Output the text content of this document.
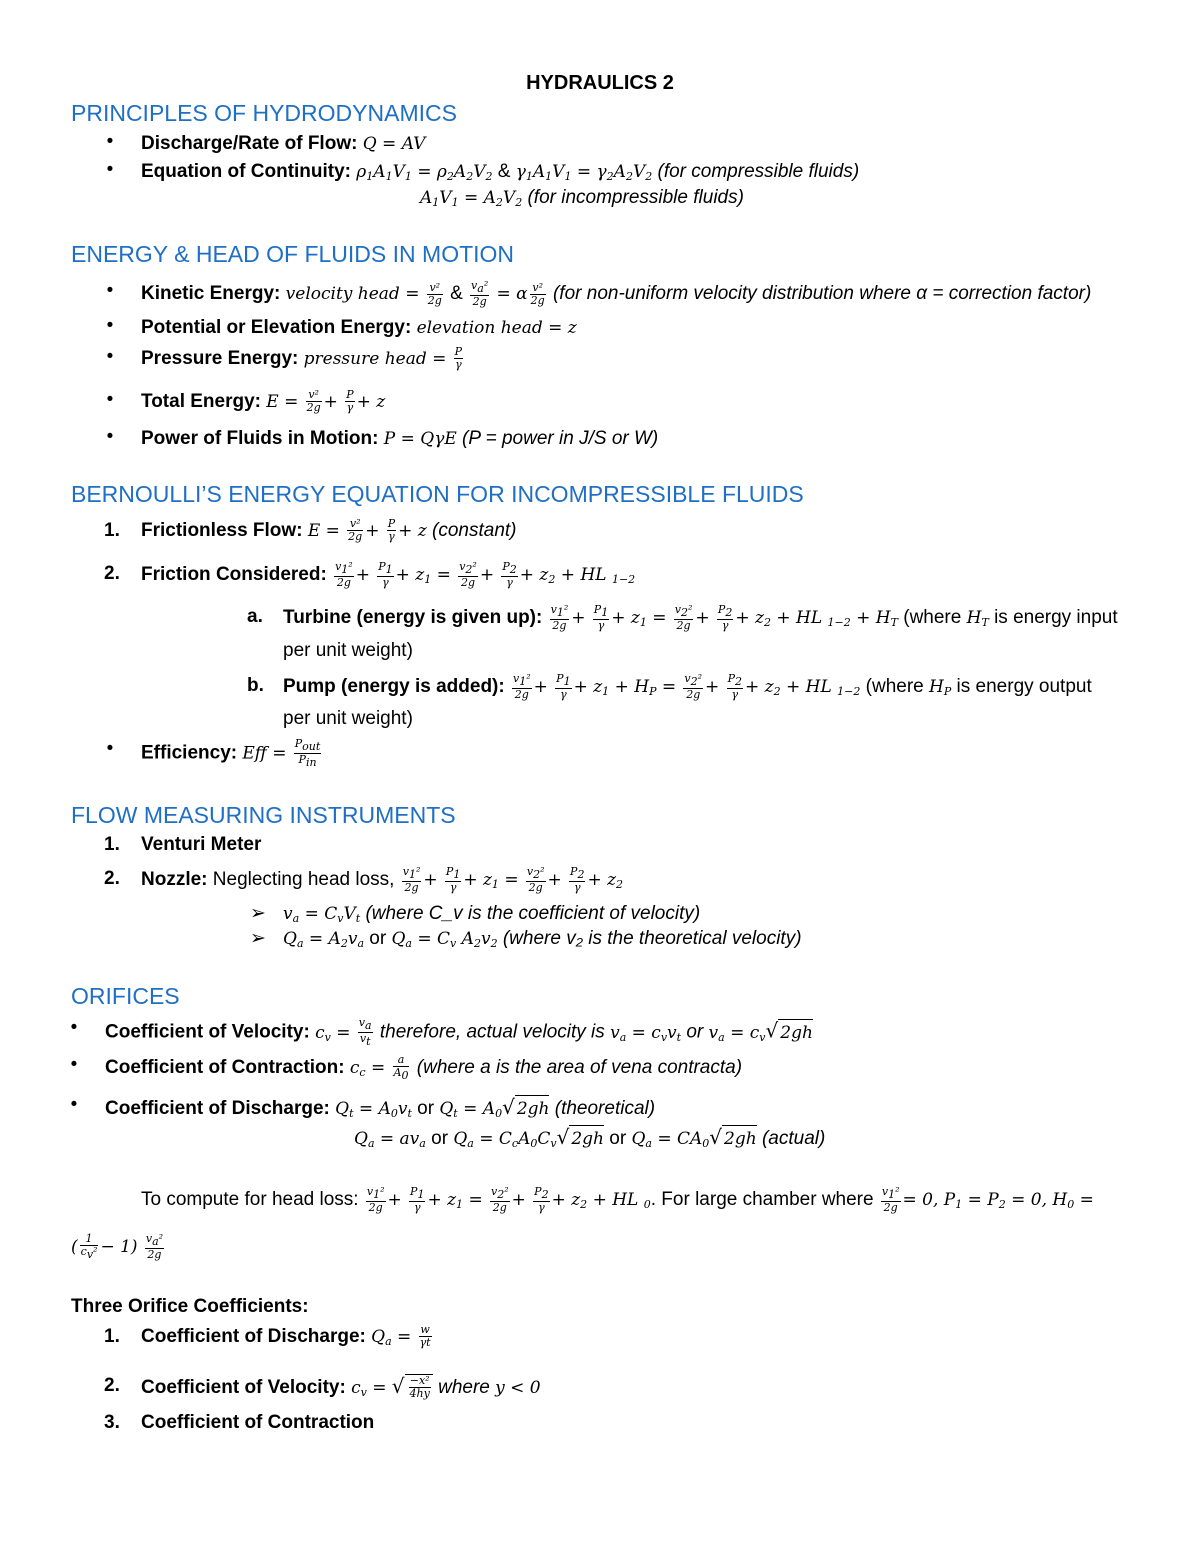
HYDRAULICS 2
PRINCIPLES OF HYDRODYNAMICS
•	Discharge/Rate of Flow: Q = AV
•	Equation of Continuity: $\rho_1A_1V_1 = \rho_2A_2V_2$ & $\gamma_1A_1V_1 = \gamma_2A_2V_2$ (for compressible fluids)
$A_1V_1 = A_2V_2$ (for incompressible fluids)
ENERGY & HEAD OF FLUIDS IN MOTION
•	Kinetic Energy: velocity head = $\frac{\text{v²}}{2g}$ & $\frac{\text{va²}}{2g} = \alpha \frac{\text{v²}}{2g} (for$ non-uniform velocity distribution where α = correction factor)
•	Potential or Elevation Energy: elevation head = z
•	Pressure Energy: pressure head = $\frac{P}{\gamma}$
•	Total Energy: $E = \frac{\text{v²}}{2g} + \frac{P}{\gamma} + z$
•	Power of Fluids in Motion: P = QγE (P = power in J/S or W)
BERNOULLI’S ENERGY EQUATION FOR INCOMPRESSIBLE FLUIDS
1. Frictionless Flow: $E = \frac{\text{v²}}{2g} + \frac{P}{\gamma} + z$ (constant)
2. Friction Considered: $\frac{\text{v1²}}{2g} + \frac{P1}{\gamma} + z_1 = \frac{\text{v2²}}{2g} + \frac{P2}{\gamma} + z_2$ + HL $_{1-2}$
a. Turbine (energy is given up): $\frac{\text{v1²}}{2g} + \frac{P1}{\gamma} + z_1 = \frac{\text{v2²}}{2g} + \frac{P2}{\gamma} + z_2$ + HL $_{1-2} + H_T$ (where $H_T$ is energy input
per unit weight)
b. Pump (energy is added): $\frac{\text{v1²}}{2g} + \frac{P1}{\gamma} + z_1 + H_P = \frac{\text{v2²}}{2g} + \frac{P2}{\gamma} + z_2$ + HL $_{1-2}$ (where $H_P$ is energy output
per unit weight)
•	Efficiency: Eff = $\frac{\text{Pout}}{\text{Pin}}$
FLOW MEASURING INSTRUMENTS
1. Venturi Meter
2. Nozzle: Neglecting head loss, $\frac{\text{v1²}}{2g} + \frac{P1}{\gamma} + z_1 = \frac{\text{v2²}}{2g} + \frac{P2}{\gamma} + z_2$
➢ $v_a = C_vV_t$ (where C_v is the coefficient of velocity)
➢ $Q_a = A_2v_a$ or $Q_a = C_v$ $A_2v_2$ (where v₂ is the theoretical velocity)
ORIFICES
•	Coefficient of Velocity: $c_v = \frac{va}{vt}$ therefore, actual velocity is $v_a = c_vv_t$ or $v_a = c_v√$ 2gh
•	Coefficient of Contraction: $c_c = \frac{a}{A0}$ (where a is the area of vena contracta)
•	Coefficient of Discharge: $Q_t = A_0v_t$ or $Q_t = A_0√$ 2gh (theoretical)
$Q_a = av_a$ or $Q_a = C_cA_0C_v√$ 2gh or $Q_a = CA_0√$ 2gh (actual)
To compute for head loss: $\frac{\text{v1²}}{2g} + \frac{P1}{\gamma} + z_1 = \frac{\text{v2²}}{2g} + \frac{P2}{\gamma} + z_2$ + HL $_0$. For large chamber where $\frac{\text{v1²}}{2g} = 0$, $P_1 = P_2 = 0$, $H_0$ =
( $\frac{1}{\text{cv²}} - 1) \frac{\text{va²}}{2g}$
Three Orifice Coefficients:
1. Coefficient of Discharge: $Q_a = \frac{w}{\gamma t}$
2. Coefficient of Velocity: $c_v$ = √ $\frac{\text{−x²}}{4hy}$ where y < 0
3. Coefficient of Contraction
